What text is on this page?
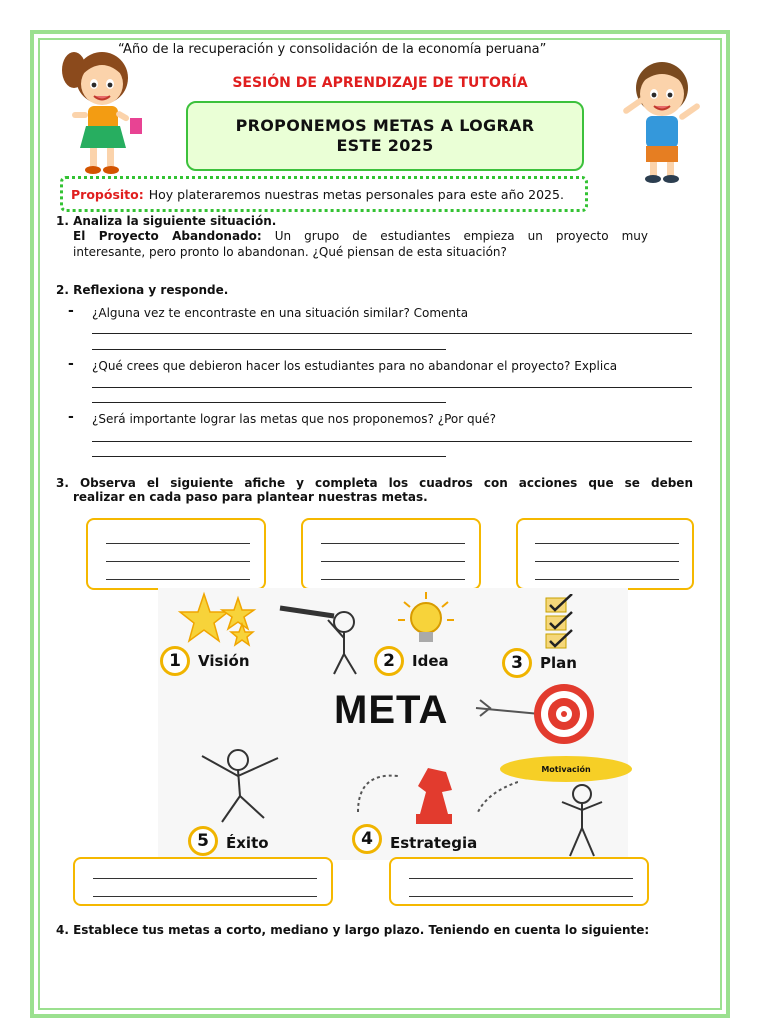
“Año de la recuperación y consolidación de la economía peruana”
SESIÓN DE APRENDIZAJE DE TUTORÍA
PROPONEMOS METAS A LOGRAR
ESTE 2025
Propósito: Hoy plateraremos nuestras metas personales para este año 2025.
1. Analiza la siguiente situación.
El Proyecto Abandonado: Un grupo de estudiantes empieza un proyecto muy
interesante, pero pronto lo abandonan. ¿Qué piensan de esta situación?
2. Reflexiona y responde.
- ¿Alguna vez te encontraste en una situación similar? Comenta
- ¿Qué crees que debieron hacer los estudiantes para no abandonar el proyecto? Explica
- ¿Será importante lograr las metas que nos proponemos? ¿Por qué?
3. Observa el siguiente afiche y completa los cuadros con acciones que se deben
realizar en cada paso para plantear nuestras metas.
1	Visión	2	Idea	3	Plan
META
Motivación
5	Éxito	4	Estrategia
4. Establece tus metas a corto, mediano y largo plazo. Teniendo en cuenta lo siguiente:
